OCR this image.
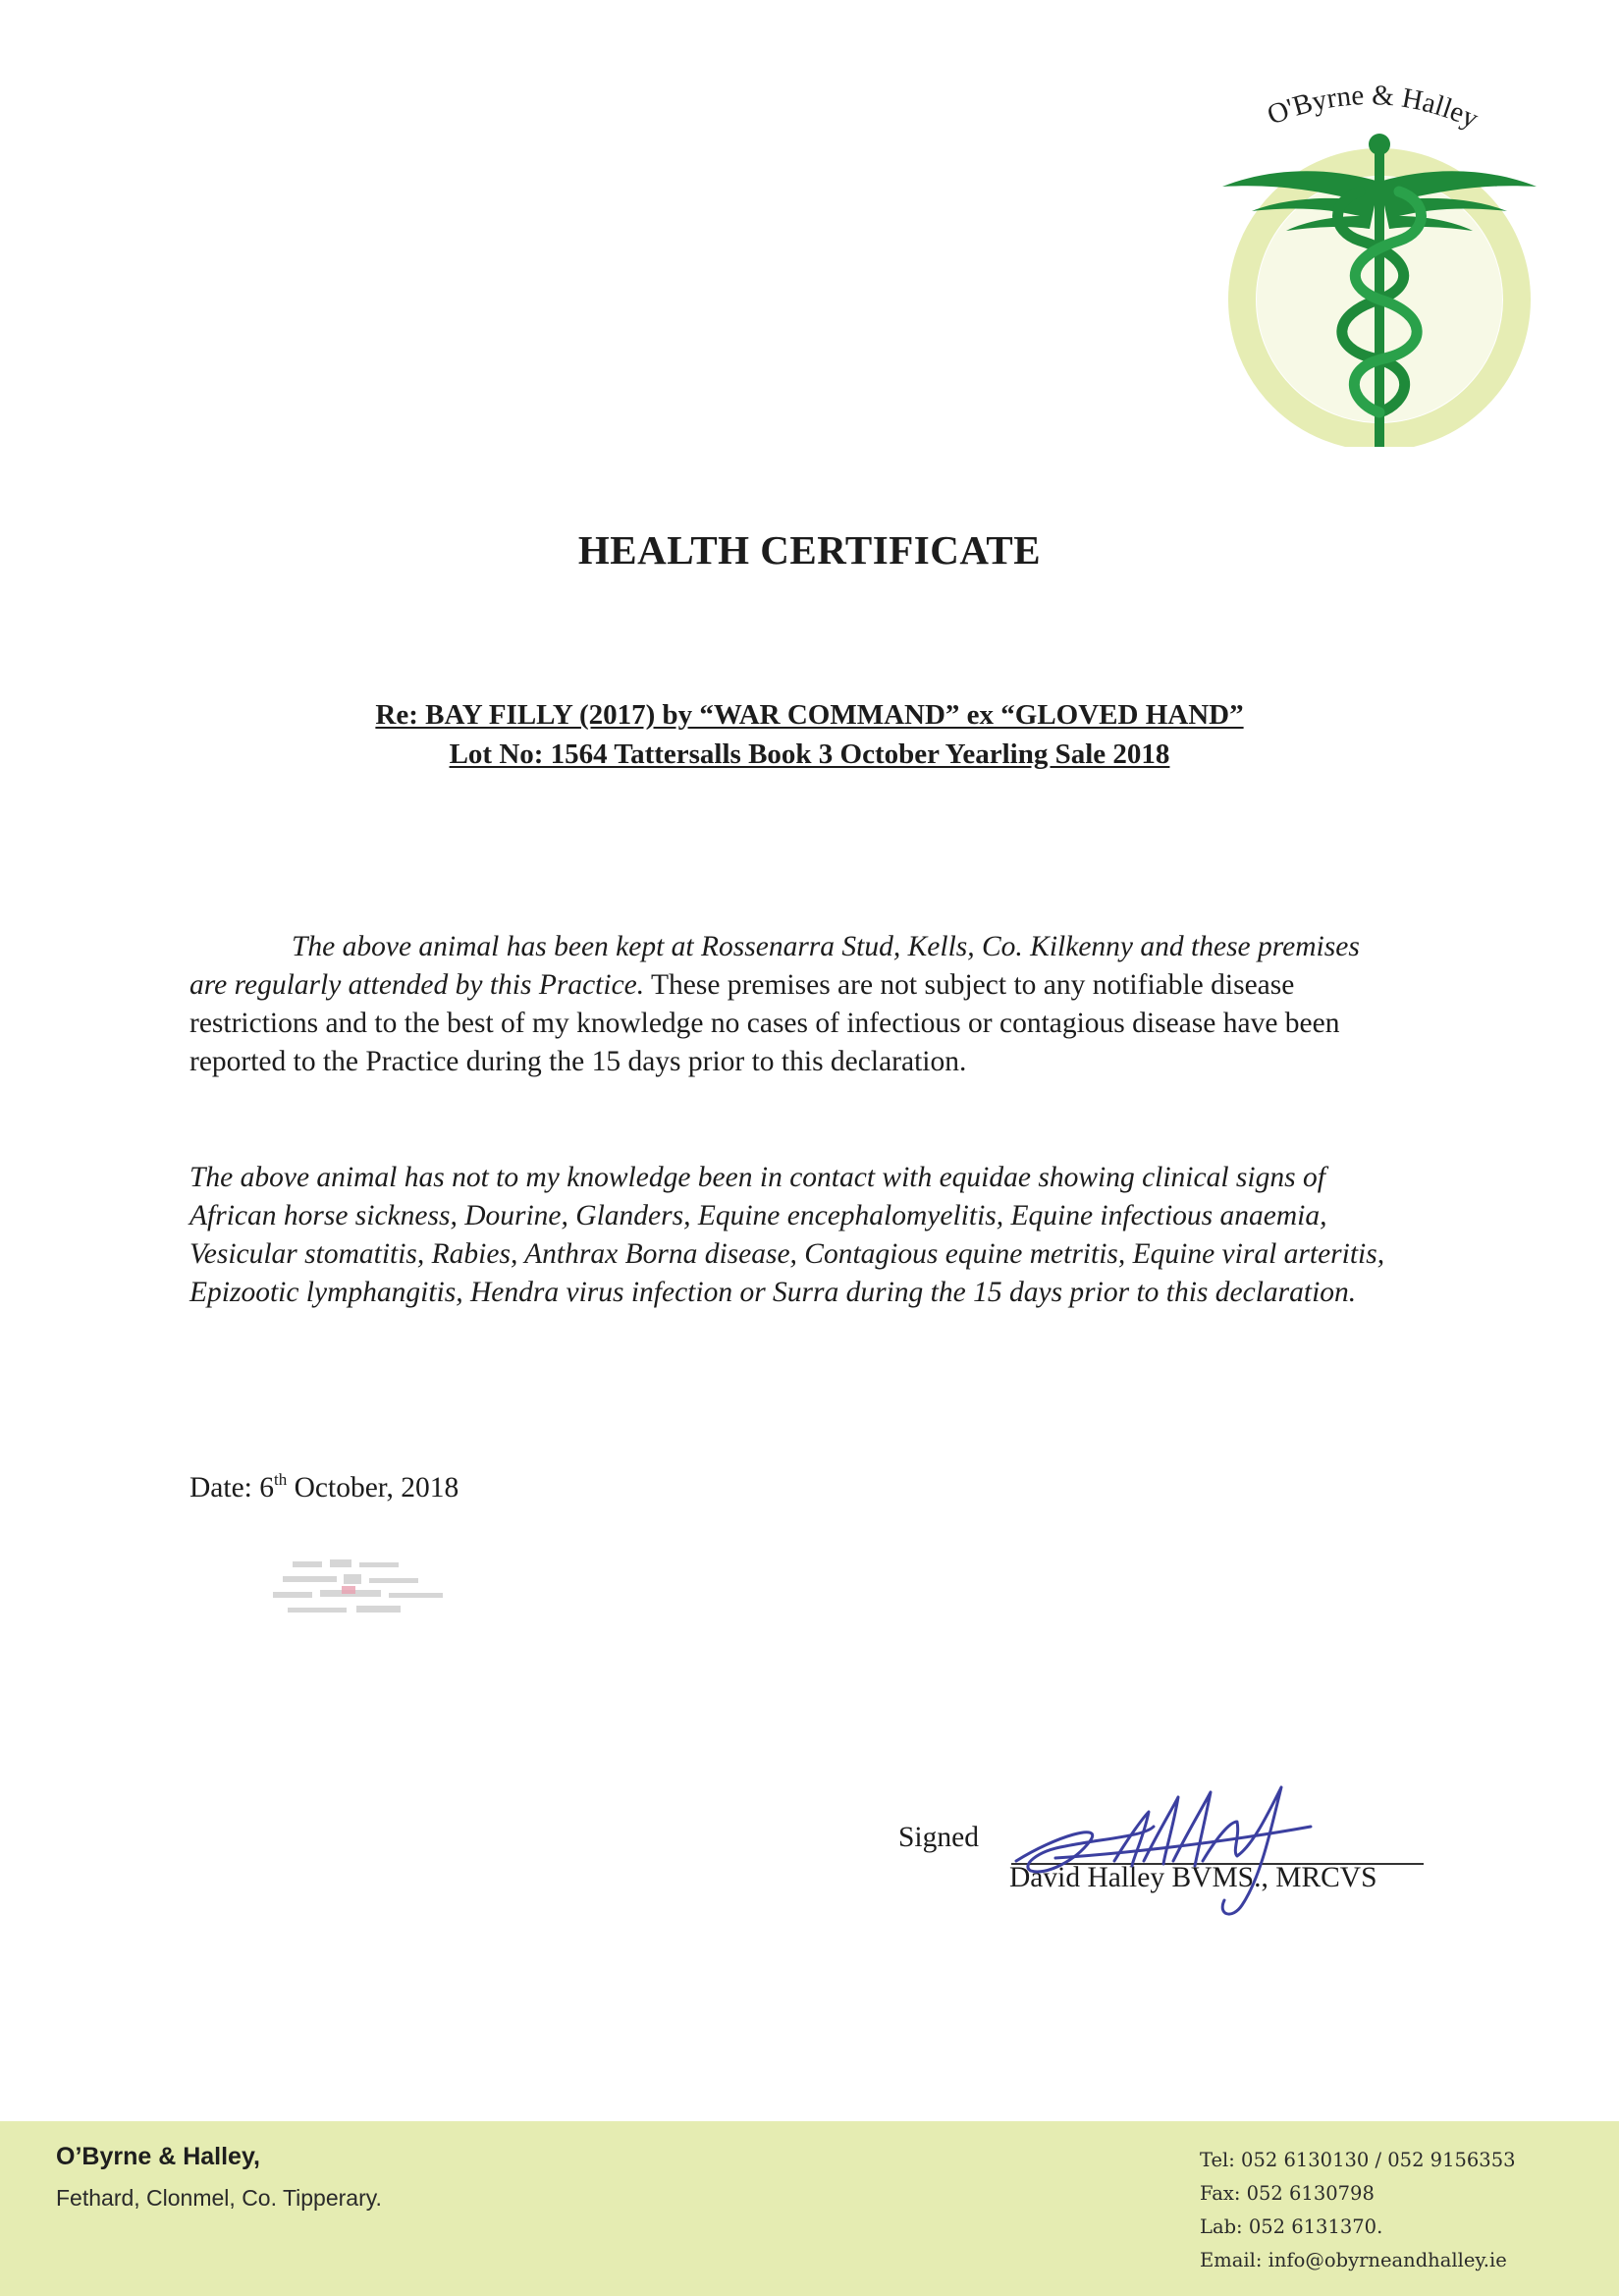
O'Byrne & Halley
HEALTH CERTIFICATE
Re: BAY FILLY (2017) by “WAR COMMAND” ex “GLOVED HAND”
Lot No: 1564 Tattersalls Book 3 October Yearling Sale 2018
The above animal has been kept at Rossenarra Stud, Kells, Co. Kilkenny and these premises are regularly attended by this Practice. These premises are not subject to any notifiable disease restrictions and to the best of my knowledge no cases of infectious or contagious disease have been reported to the Practice during the 15 days prior to this declaration.
The above animal has not to my knowledge been in contact with equidae showing clinical signs of African horse sickness, Dourine, Glanders, Equine encephalomyelitis, Equine infectious anaemia, Vesicular stomatitis, Rabies, Anthrax Borna disease, Contagious equine metritis, Equine viral arteritis, Epizootic lymphangitis, Hendra virus infection or Surra during the 15 days prior to this declaration.
Date: 6th October, 2018
Signed
David Halley BVMS., MRCVS
O’Byrne & Halley,
Fethard, Clonmel, Co. Tipperary.
Tel: 052 6130130 / 052 9156353
Fax: 052 6130798
Lab: 052 6131370.
Email: info@obyrneandhalley.ie
